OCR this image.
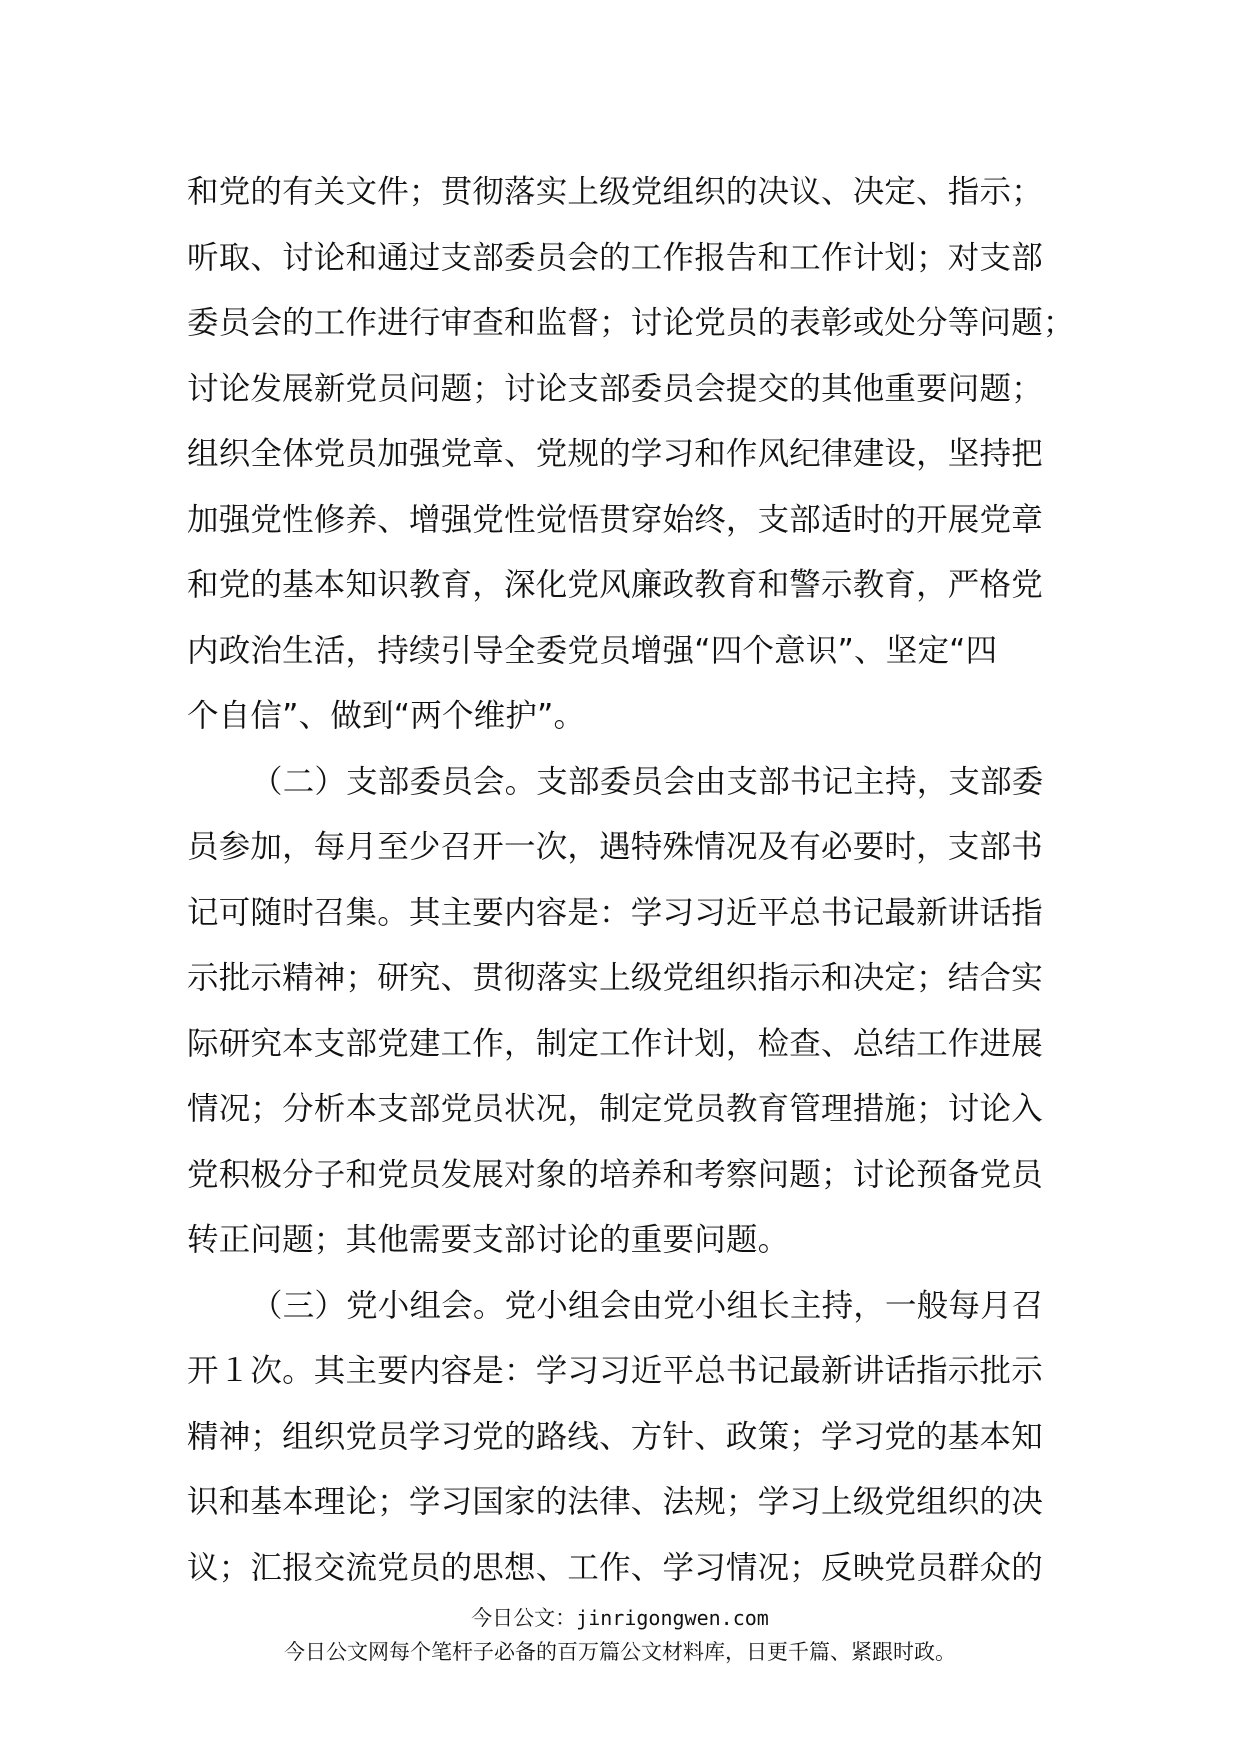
和党的有关文件；贯彻落实上级党组织的决议、决定、指示；
听取、讨论和通过支部委员会的工作报告和工作计划；对支部
委员会的工作进行审查和监督；讨论党员的表彰或处分等问题；
讨论发展新党员问题；讨论支部委员会提交的其他重要问题；
组织全体党员加强党章、党规的学习和作风纪律建设，坚持把
加强党性修养、增强党性觉悟贯穿始终，支部适时的开展党章
和党的基本知识教育，深化党风廉政教育和警示教育，严格党
内政治生活，持续引导全委党员增强“四个意识”、坚定“四
个自信”、做到“两个维护”。
（二）支部委员会。支部委员会由支部书记主持，支部委
员参加，每月至少召开一次，遇特殊情况及有必要时，支部书
记可随时召集。其主要内容是：学习习近平总书记最新讲话指
示批示精神；研究、贯彻落实上级党组织指示和决定；结合实
际研究本支部党建工作，制定工作计划，检查、总结工作进展
情况；分析本支部党员状况，制定党员教育管理措施；讨论入
党积极分子和党员发展对象的培养和考察问题；讨论预备党员
转正问题；其他需要支部讨论的重要问题。
（三）党小组会。党小组会由党小组长主持，一般每月召
开１次。其主要内容是：学习习近平总书记最新讲话指示批示
精神；组织党员学习党的路线、方针、政策；学习党的基本知
识和基本理论；学习国家的法律、法规；学习上级党组织的决
议；汇报交流党员的思想、工作、学习情况；反映党员群众的
今日公文：jinrigongwen.com
今日公文网每个笔杆子必备的百万篇公文材料库，日更千篇、紧跟时政。
